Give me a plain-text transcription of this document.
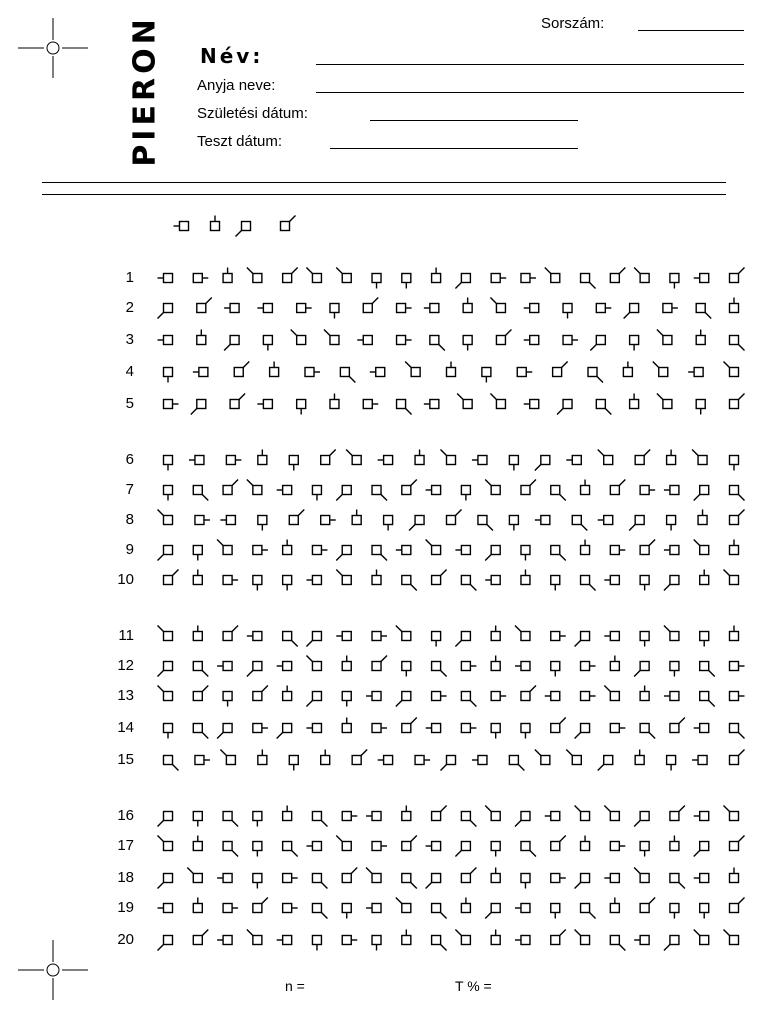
PIERON	Sorszám:
Név:
Anyja neve:
Születési dátum:
Teszt dátum:
1
2
3
4
5
6
7
8
9
10
11
12
13
14
15
16
17
18
19
20
n =	T % =
